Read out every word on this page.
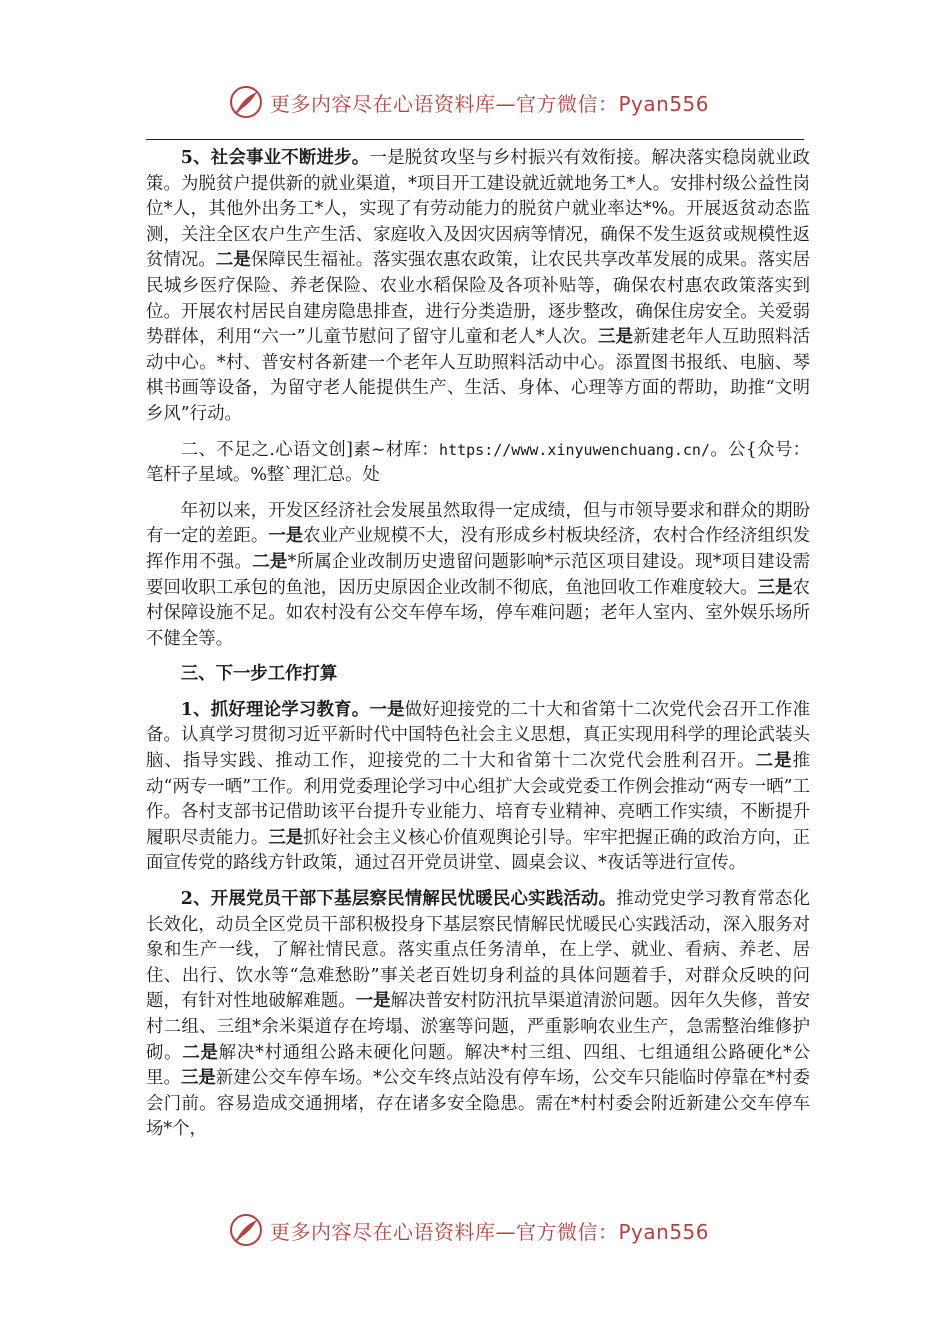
更多内容尽在心语资料库—官方微信：Pyan556

5、社会事业不断进步。一是脱贫攻坚与乡村振兴有效衔接。解决落实稳岗就业政策。为脱贫户提供新的就业渠道，*项目开工建设就近就地务工*人。安排村级公益性岗位*人，其他外出务工*人，实现了有劳动能力的脱贫户就业率达*%。开展返贫动态监测，关注全区农户生产生活、家庭收入及因灾因病等情况，确保不发生返贫或规模性返贫情况。二是保障民生福祉。落实强农惠农政策，让农民共享改革发展的成果。落实居民城乡医疗保险、养老保险、农业水稻保险及各项补贴等，确保农村惠农政策落实到位。开展农村居民自建房隐患排查，进行分类造册，逐步整改，确保住房安全。关爱弱势群体，利用“六一”儿童节慰问了留守儿童和老人*人次。三是新建老年人互助照料活动中心。*村、普安村各新建一个老年人互助照料活动中心。添置图书报纸、电脑、琴棋书画等设备，为留守老人能提供生产、生活、身体、心理等方面的帮助，助推“文明乡风”行动。

二、不足之.心语文创]素~材库：https://www.xinyuwenchuang.cn/。公{众号：笔杆子星域。%整`理汇总。处

年初以来，开发区经济社会发展虽然取得一定成绩，但与市领导要求和群众的期盼有一定的差距。一是农业产业规模不大，没有形成乡村板块经济，农村合作经济组织发挥作用不强。二是*所属企业改制历史遗留问题影响*示范区项目建设。现*项目建设需要回收职工承包的鱼池，因历史原因企业改制不彻底，鱼池回收工作难度较大。三是农村保障设施不足。如农村没有公交车停车场，停车难问题；老年人室内、室外娱乐场所不健全等。

三、下一步工作打算

1、抓好理论学习教育。一是做好迎接党的二十大和省第十二次党代会召开工作准备。认真学习贯彻习近平新时代中国特色社会主义思想，真正实现用科学的理论武装头脑、指导实践、推动工作，迎接党的二十大和省第十二次党代会胜利召开。二是推动“两专一晒”工作。利用党委理论学习中心组扩大会或党委工作例会推动“两专一晒”工作。各村支部书记借助该平台提升专业能力、培育专业精神、亮晒工作实绩，不断提升履职尽责能力。三是抓好社会主义核心价值观舆论引导。牢牢把握正确的政治方向，正面宣传党的路线方针政策，通过召开党员讲堂、圆桌会议、*夜话等进行宣传。

2、开展党员干部下基层察民情解民忧暖民心实践活动。推动党史学习教育常态化长效化，动员全区党员干部积极投身下基层察民情解民忧暖民心实践活动，深入服务对象和生产一线，了解社情民意。落实重点任务清单，在上学、就业、看病、养老、居住、出行、饮水等“急难愁盼”事关老百姓切身利益的具体问题着手，对群众反映的问题，有针对性地破解难题。一是解决普安村防汛抗旱渠道清淤问题。因年久失修，普安村二组、三组*余米渠道存在垮塌、淤塞等问题，严重影响农业生产，急需整治维修护砌。二是解决*村通组公路未硬化问题。解决*村三组、四组、七组通组公路硬化*公里。三是新建公交车停车场。*公交车终点站没有停车场，公交车只能临时停靠在*村委会门前。容易造成交通拥堵，存在诸多安全隐患。需在*村村委会附近新建公交车停车场*个，

更多内容尽在心语资料库—官方微信：Pyan556
